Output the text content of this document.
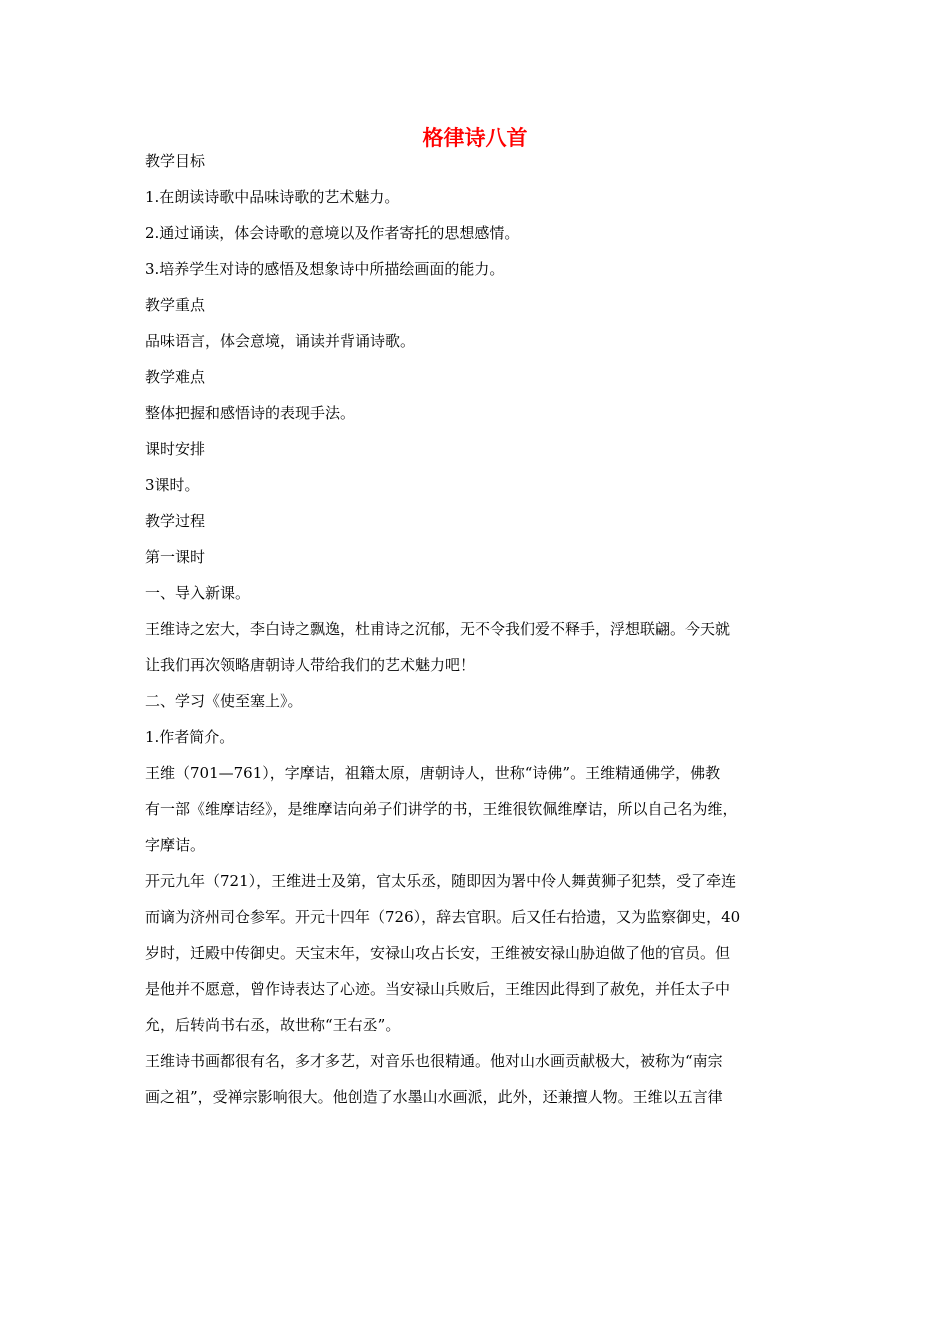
格律诗八首
教学目标
1.在朗读诗歌中品味诗歌的艺术魅力。
2.通过诵读，体会诗歌的意境以及作者寄托的思想感情。
3.培养学生对诗的感悟及想象诗中所描绘画面的能力。
教学重点
品味语言，体会意境，诵读并背诵诗歌。
教学难点
整体把握和感悟诗的表现手法。
课时安排
3课时。
教学过程
第一课时
一、导入新课。
王维诗之宏大，李白诗之飘逸，杜甫诗之沉郁，无不令我们爱不释手，浮想联翩。今天就
让我们再次领略唐朝诗人带给我们的艺术魅力吧！
二、学习《使至塞上》。
1.作者简介。
王维（701—761），字摩诘，祖籍太原，唐朝诗人，世称“诗佛”。王维精通佛学，佛教
有一部《维摩诘经》，是维摩诘向弟子们讲学的书，王维很钦佩维摩诘，所以自己名为维，
字摩诘。
开元九年（721），王维进士及第，官太乐丞，随即因为署中伶人舞黄狮子犯禁，受了牵连
而谪为济州司仓参军。开元十四年（726），辞去官职。后又任右拾遗，又为监察御史，40
岁时，迁殿中传御史。天宝末年，安禄山攻占长安，王维被安禄山胁迫做了他的官员。但
是他并不愿意，曾作诗表达了心迹。当安禄山兵败后，王维因此得到了赦免，并任太子中
允，后转尚书右丞，故世称“王右丞”。
王维诗书画都很有名，多才多艺，对音乐也很精通。他对山水画贡献极大，被称为“南宗
画之祖”，受禅宗影响很大。他创造了水墨山水画派，此外，还兼擅人物。王维以五言律
